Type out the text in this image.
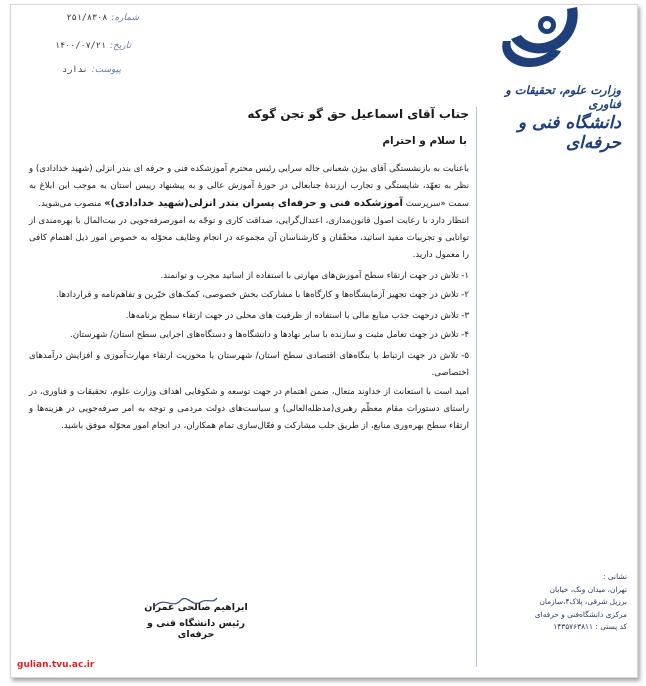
شماره:
۲۵۱/۸۳۰۸
تاریخ:
۱۴۰۰/۰۷/۲۱
پیوست:
ندارد
وزارت علوم، تحقیقات و فناوری
دانشگاه فنی و حرفه‌ای
جناب آقای اسماعیل حق گو تجن گوکه
با سلام و احترام

باعنایت به بازنشستگی آقای بیژن شعبانی جاله سرایی رئیس محترم آموزشکده فنی و حرفه ای بندر انزلی (شهید خدادادی) و نظر به تعهّد، شایستگی و تجارب ارزندۀ جنابعالی در حوزۀ آموزش عالی و به پیشنهاد رییس استان به موجب این ابلاغ به سمت «سرپرست آموزشکده فنی و حرفه‌ای پسران بندر انزلی(شهید خدادادی)» منصوب می‌شوید.

انتظار دارد با رعایت اصول قانون‌مداری، اعتدال‌گرایی، صداقت کاری و توجّه به امورصرفه‌جویی در بیت‌المال با بهره‌مندی از توانایی و تجربیات مفید اساتید، محقّقان و کارشناسان آن مجموعه در انجام وظایف محوّله به خصوص امور ذیل اهتمام کافی را معمول دارید.

۱- تلاش در جهت ارتقاء سطح آموزش‌های مهارتی با استفاده از اساتید مجرب و توانمند.

۲- تلاش در جهت تجهیز آزمایشگاه‌ها و کارگاه‌ها با مشارکت بخش خصوصی، کمک‌های خیّرین و تفاهم‌نامه و قراردادها.

۳- تلاش درجهت جذب منابع مالی با استفاده از ظرفیت های محلی در جهت ارتقاء سطح برنامه‌ها.

۴- تلاش در جهت تعامل مثبت و سازنده با سایر نهادها و دانشگاه‌ها و دستگاه‌های اجرایی سطح استان/ شهرستان.

۵- تلاش در جهت ارتباط با بنگاه‌های اقتصادی سطح استان/ شهرستان با محوریت ارتقاء مهارت‌آموزی و افزایش درآمدهای اختصاصی.

امید است با استعانت از خداوند متعال، ضمن اهتمام در جهت توسعه و شکوفایی اهداف وزارت علوم، تحقیقات و فناوری، در راستای دستورات مقام معظّم رهبری(مدظله‌العالی) و سیاست‌های دولت مردمی و توجه به امر صرفه‌جویی در هزینه‌ها و ارتقاء سطح بهره‌وری منابع، از طریق جلب مشارکت و فعّال‌سازی تمام همکاران، در انجام امور محوّله موفق باشید.

ابراهیم صالحی عمران
رئیس دانشگاه فنی و حرفه‌ای
نشانی :
تهران، میدان ونک، خیابان
برزیل شرقی، پلاک۴،سازمان
مرکزی دانشگاه‌فنی و حرفه‌ای
کد پستی : ۱۴۳۵۷۶۳۸۱۱
gulian.tvu.ac.ir
